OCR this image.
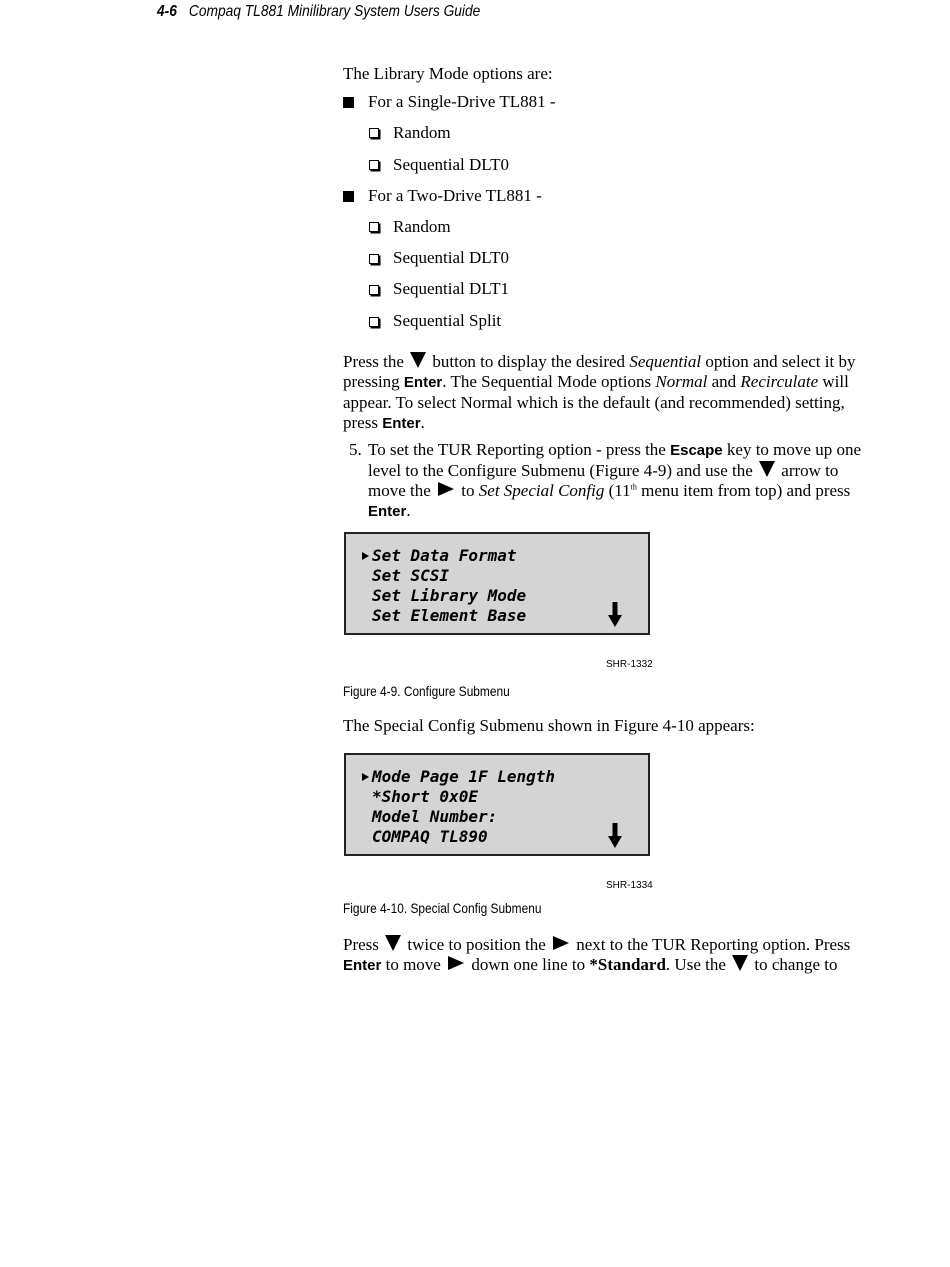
4-6 Compaq TL881 Minilibrary System Users Guide
The Library Mode options are:
For a Single-Drive TL881 -
Random
Sequential DLT0
For a Two-Drive TL881 -
Random
Sequential DLT0
Sequential DLT1
Sequential Split
Press the button to display the desired Sequential option and select it by pressing Enter. The Sequential Mode options Normal and Recirculate will appear. To select Normal which is the default (and recommended) setting, press Enter.
5. To set the TUR Reporting option - press the Escape key to move up one level to the Configure Submenu (Figure 4-9) and use the arrow to move the to Set Special Config (11th menu item from top) and press Enter.
Set Data Format
Set SCSI
Set Library Mode
Set Element Base
SHR-1332
Figure 4-9. Configure Submenu
The Special Config Submenu shown in Figure 4-10 appears:
Mode Page 1F Length
*Short 0x0E
Model Number:
COMPAQ TL890
SHR-1334
Figure 4-10. Special Config Submenu
Press twice to position the next to the TUR Reporting option. Press Enter to move down one line to *Standard. Use the to change to
